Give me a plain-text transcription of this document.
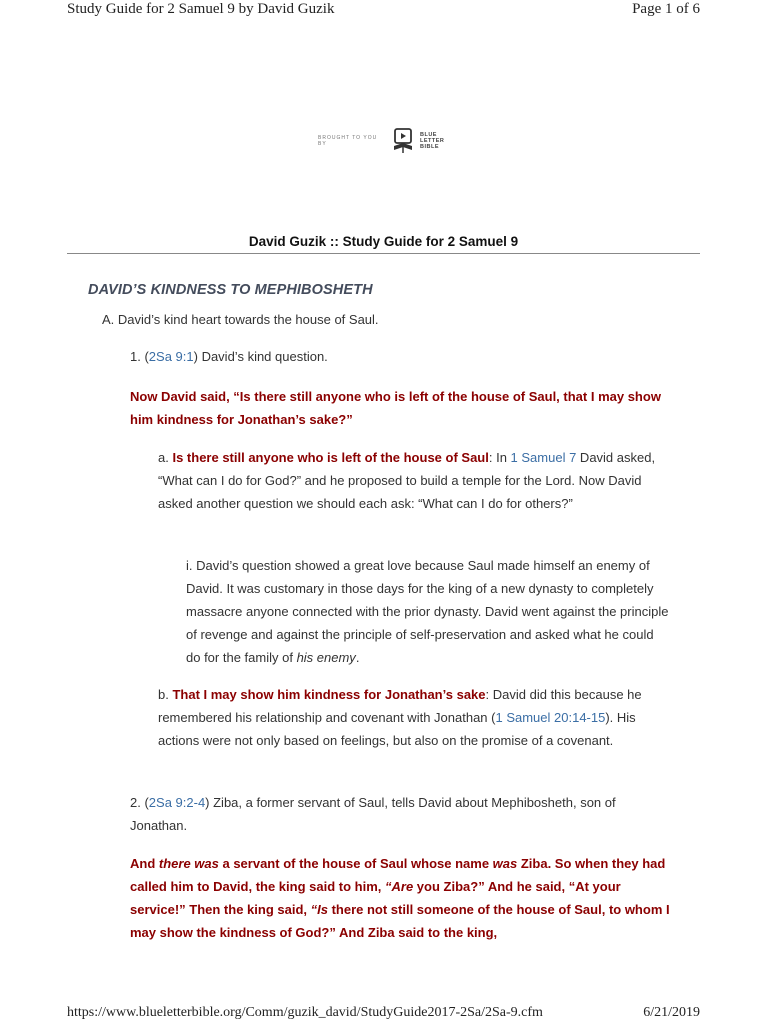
Study Guide for 2 Samuel 9 by David Guzik	Page 1 of 6
BROUGHT TO YOU BY
BLUE
LETTER
BIBLE
David Guzik :: Study Guide for 2 Samuel 9
DAVID’S KINDNESS TO MEPHIBOSHETH
A. David’s kind heart towards the house of Saul.
1. (2Sa 9:1) David’s kind question.
Now David said, “Is there still anyone who is left of the house of Saul, that I may show him kindness for Jonathan’s sake?”
a. Is there still anyone who is left of the house of Saul: In 1 Samuel 7 David asked, “What can I do for God?” and he proposed to build a temple for the Lord. Now David asked another question we should each ask: “What can I do for others?”
i. David’s question showed a great love because Saul made himself an enemy of David. It was customary in those days for the king of a new dynasty to completely massacre anyone connected with the prior dynasty. David went against the principle of revenge and against the principle of self-preservation and asked what he could do for the family of his enemy.
b. That I may show him kindness for Jonathan’s sake: David did this because he remembered his relationship and covenant with Jonathan (1 Samuel 20:14-15). His actions were not only based on feelings, but also on the promise of a covenant.
2. (2Sa 9:2-4) Ziba, a former servant of Saul, tells David about Mephibosheth, son of Jonathan.
And there was a servant of the house of Saul whose name was Ziba. So when they had called him to David, the king said to him, “Are you Ziba?” And he said, “At your service!” Then the king said, “Is there not still someone of the house of Saul, to whom I may show the kindness of God?” And Ziba said to the king,
https://www.blueletterbible.org/Comm/guzik_david/StudyGuide2017-2Sa/2Sa-9.cfm	6/21/2019
